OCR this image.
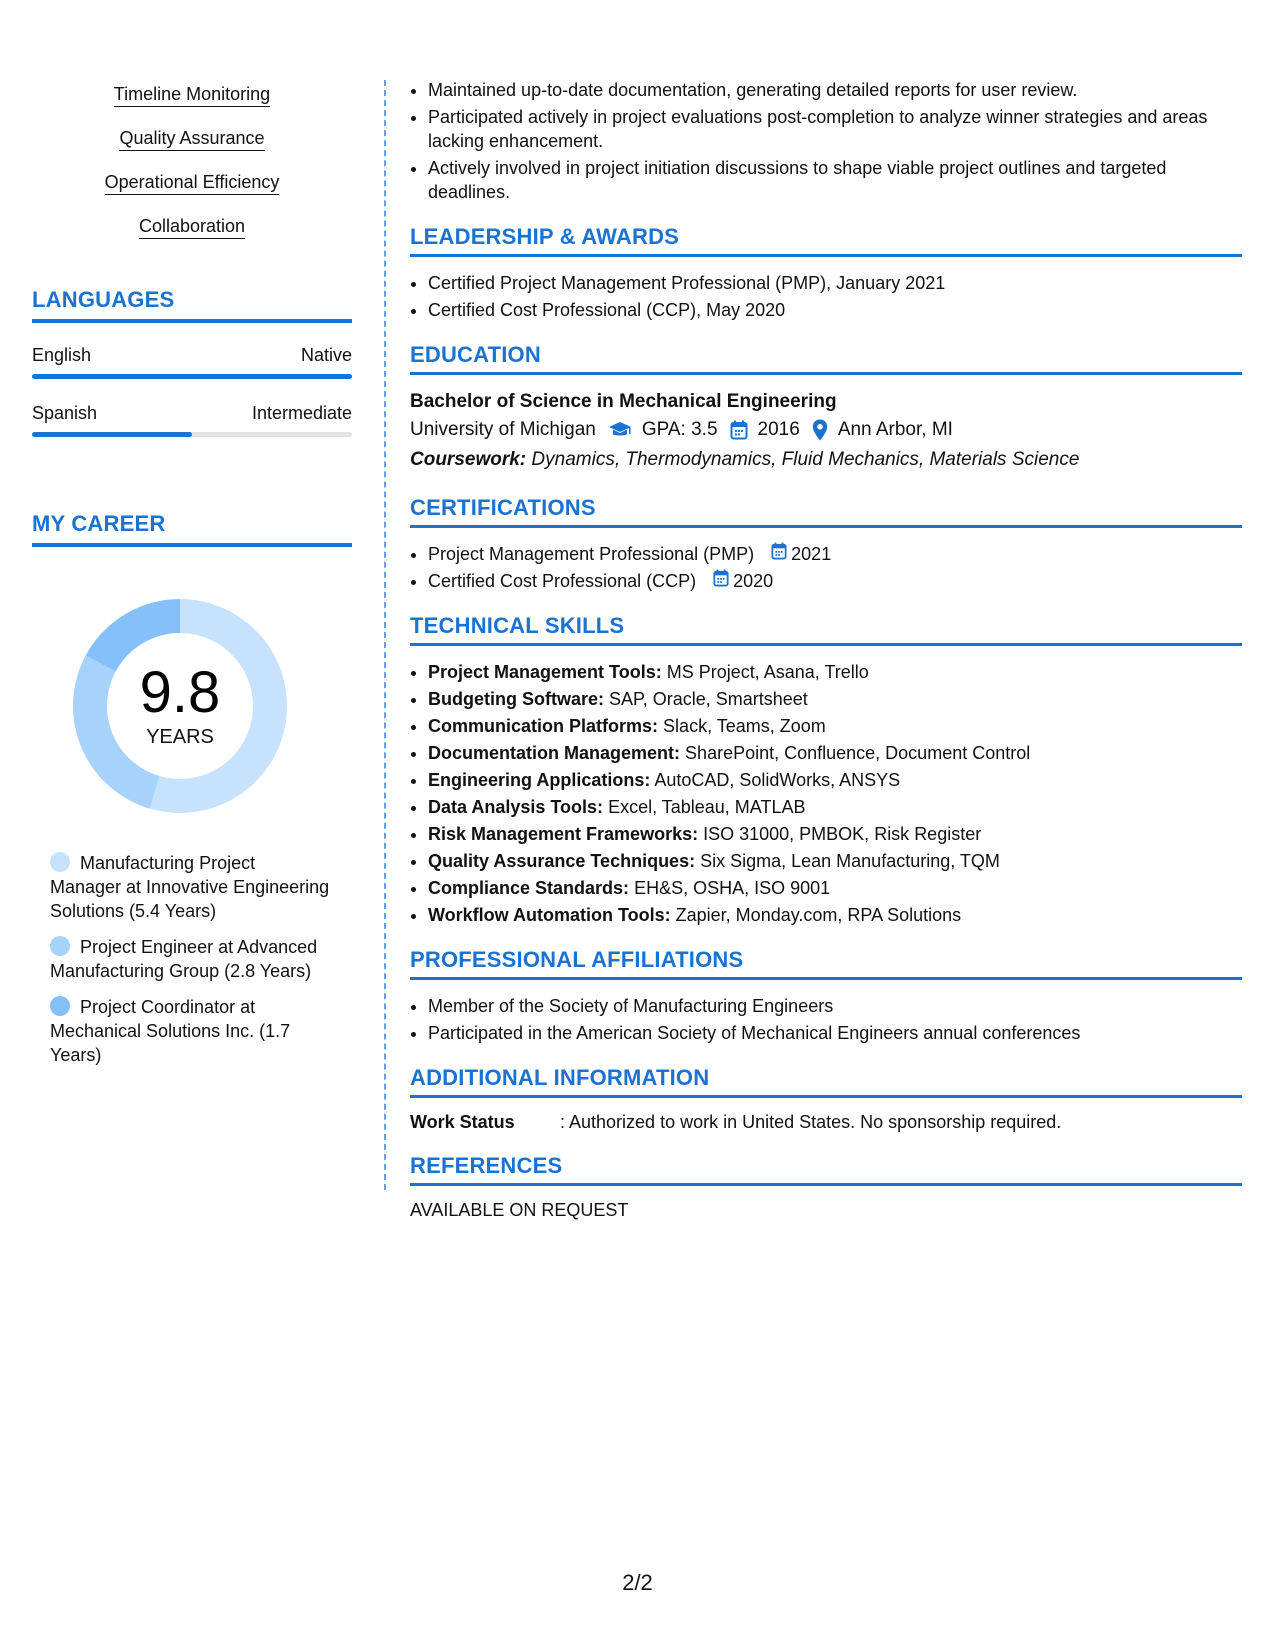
Timeline Monitoring
Quality Assurance
Operational Efficiency
Collaboration
LANGUAGES
English	Native
Spanish	Intermediate
MY CAREER
9.8
YEARS
Manufacturing Project Manager at Innovative Engineering Solutions (5.4 Years)
Project Engineer at Advanced Manufacturing Group (2.8 Years)
Project Coordinator at Mechanical Solutions Inc. (1.7 Years)
• Maintained up-to-date documentation, generating detailed reports for user review.
• Participated actively in project evaluations post-completion to analyze winner strategies and areas lacking enhancement.
• Actively involved in project initiation discussions to shape viable project outlines and targeted deadlines.
LEADERSHIP & AWARDS
• Certified Project Management Professional (PMP), January 2021
• Certified Cost Professional (CCP), May 2020
EDUCATION
Bachelor of Science in Mechanical Engineering
University of Michigan GPA: 3.5 2016 Ann Arbor, MI
Coursework: Dynamics, Thermodynamics, Fluid Mechanics, Materials Science
CERTIFICATIONS
• Project Management Professional (PMP) 2021
• Certified Cost Professional (CCP) 2020
TECHNICAL SKILLS
• Project Management Tools: MS Project, Asana, Trello
• Budgeting Software: SAP, Oracle, Smartsheet
• Communication Platforms: Slack, Teams, Zoom
• Documentation Management: SharePoint, Confluence, Document Control
• Engineering Applications: AutoCAD, SolidWorks, ANSYS
• Data Analysis Tools: Excel, Tableau, MATLAB
• Risk Management Frameworks: ISO 31000, PMBOK, Risk Register
• Quality Assurance Techniques: Six Sigma, Lean Manufacturing, TQM
• Compliance Standards: EH&S, OSHA, ISO 9001
• Workflow Automation Tools: Zapier, Monday.com, RPA Solutions
PROFESSIONAL AFFILIATIONS
• Member of the Society of Manufacturing Engineers
• Participated in the American Society of Mechanical Engineers annual conferences
ADDITIONAL INFORMATION
Work Status	: Authorized to work in United States. No sponsorship required.
REFERENCES
AVAILABLE ON REQUEST
2/2
